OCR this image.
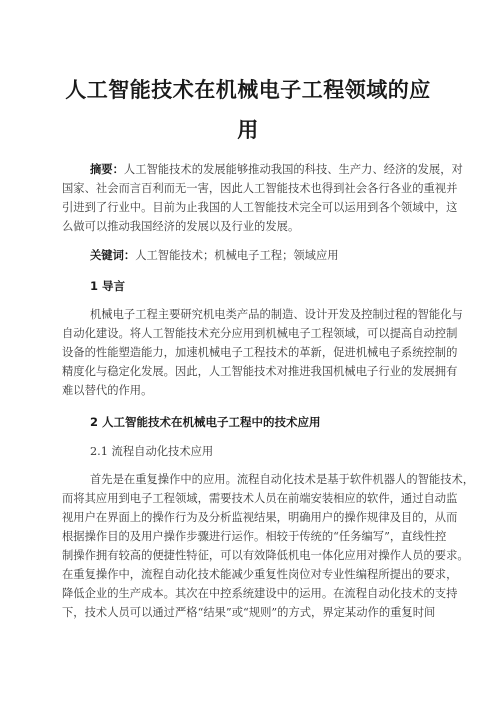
人工智能技术在机械电子工程领域的应
用
摘要：人工智能技术的发展能够推动我国的科技、生产力、经济的发展，对
国家、社会而言百利而无一害，因此人工智能技术也得到社会各行各业的重视并
引进到了行业中。目前为止我国的人工智能技术完全可以运用到各个领域中，这
么做可以推动我国经济的发展以及行业的发展。
关键词：人工智能技术；机械电子工程；领域应用
1 导言
机械电子工程主要研究机电类产品的制造、设计开发及控制过程的智能化与
自动化建设。将人工智能技术充分应用到机械电子工程领域，可以提高自动控制
设备的性能塑造能力，加速机械电子工程技术的革新，促进机械电子系统控制的
精度化与稳定化发展。因此，人工智能技术对推进我国机械电子行业的发展拥有
难以替代的作用。
2 人工智能技术在机械电子工程中的技术应用
2.1 流程自动化技术应用
首先是在重复操作中的应用。流程自动化技术是基于软件机器人的智能技术，
而将其应用到电子工程领域，需要技术人员在前端安装相应的软件，通过自动监
视用户在界面上的操作行为及分析监视结果，明确用户的操作规律及目的，从而
根据操作目的及用户操作步骤进行运作。相较于传统的“任务编写”，直线性控
制操作拥有较高的便捷性特征，可以有效降低机电一体化应用对操作人员的要求。
在重复操作中，流程自动化技术能减少重复性岗位对专业性编程所提出的要求，
降低企业的生产成本。其次在中控系统建设中的运用。在流程自动化技术的支持
下，技术人员可以通过严格“结果”或“规则”的方式，界定某动作的重复时间
